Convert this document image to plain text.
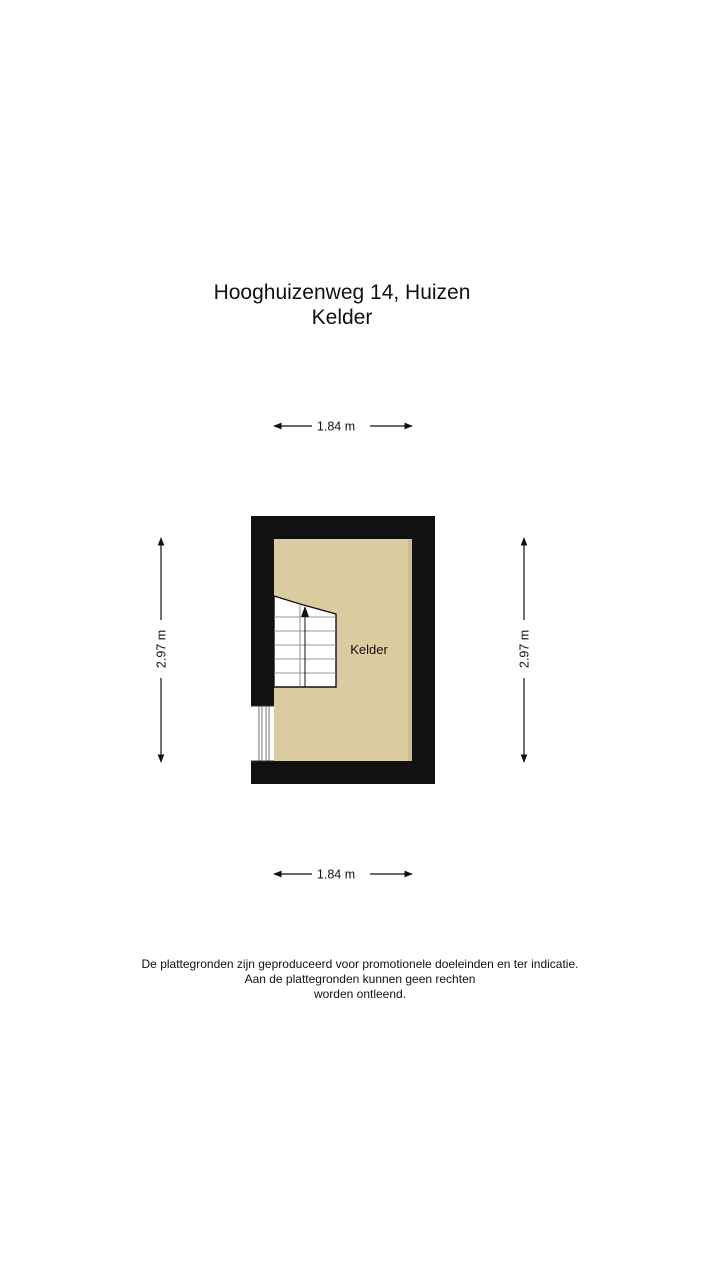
Hooghuizenweg 14, Huizen
Kelder
1.84 m
1.84 m
2.97 m	2.97 m
Kelder
De plattegronden zijn geproduceerd voor promotionele doeleinden en ter indicatie.
Aan de plattegronden kunnen geen rechten
worden ontleend.
